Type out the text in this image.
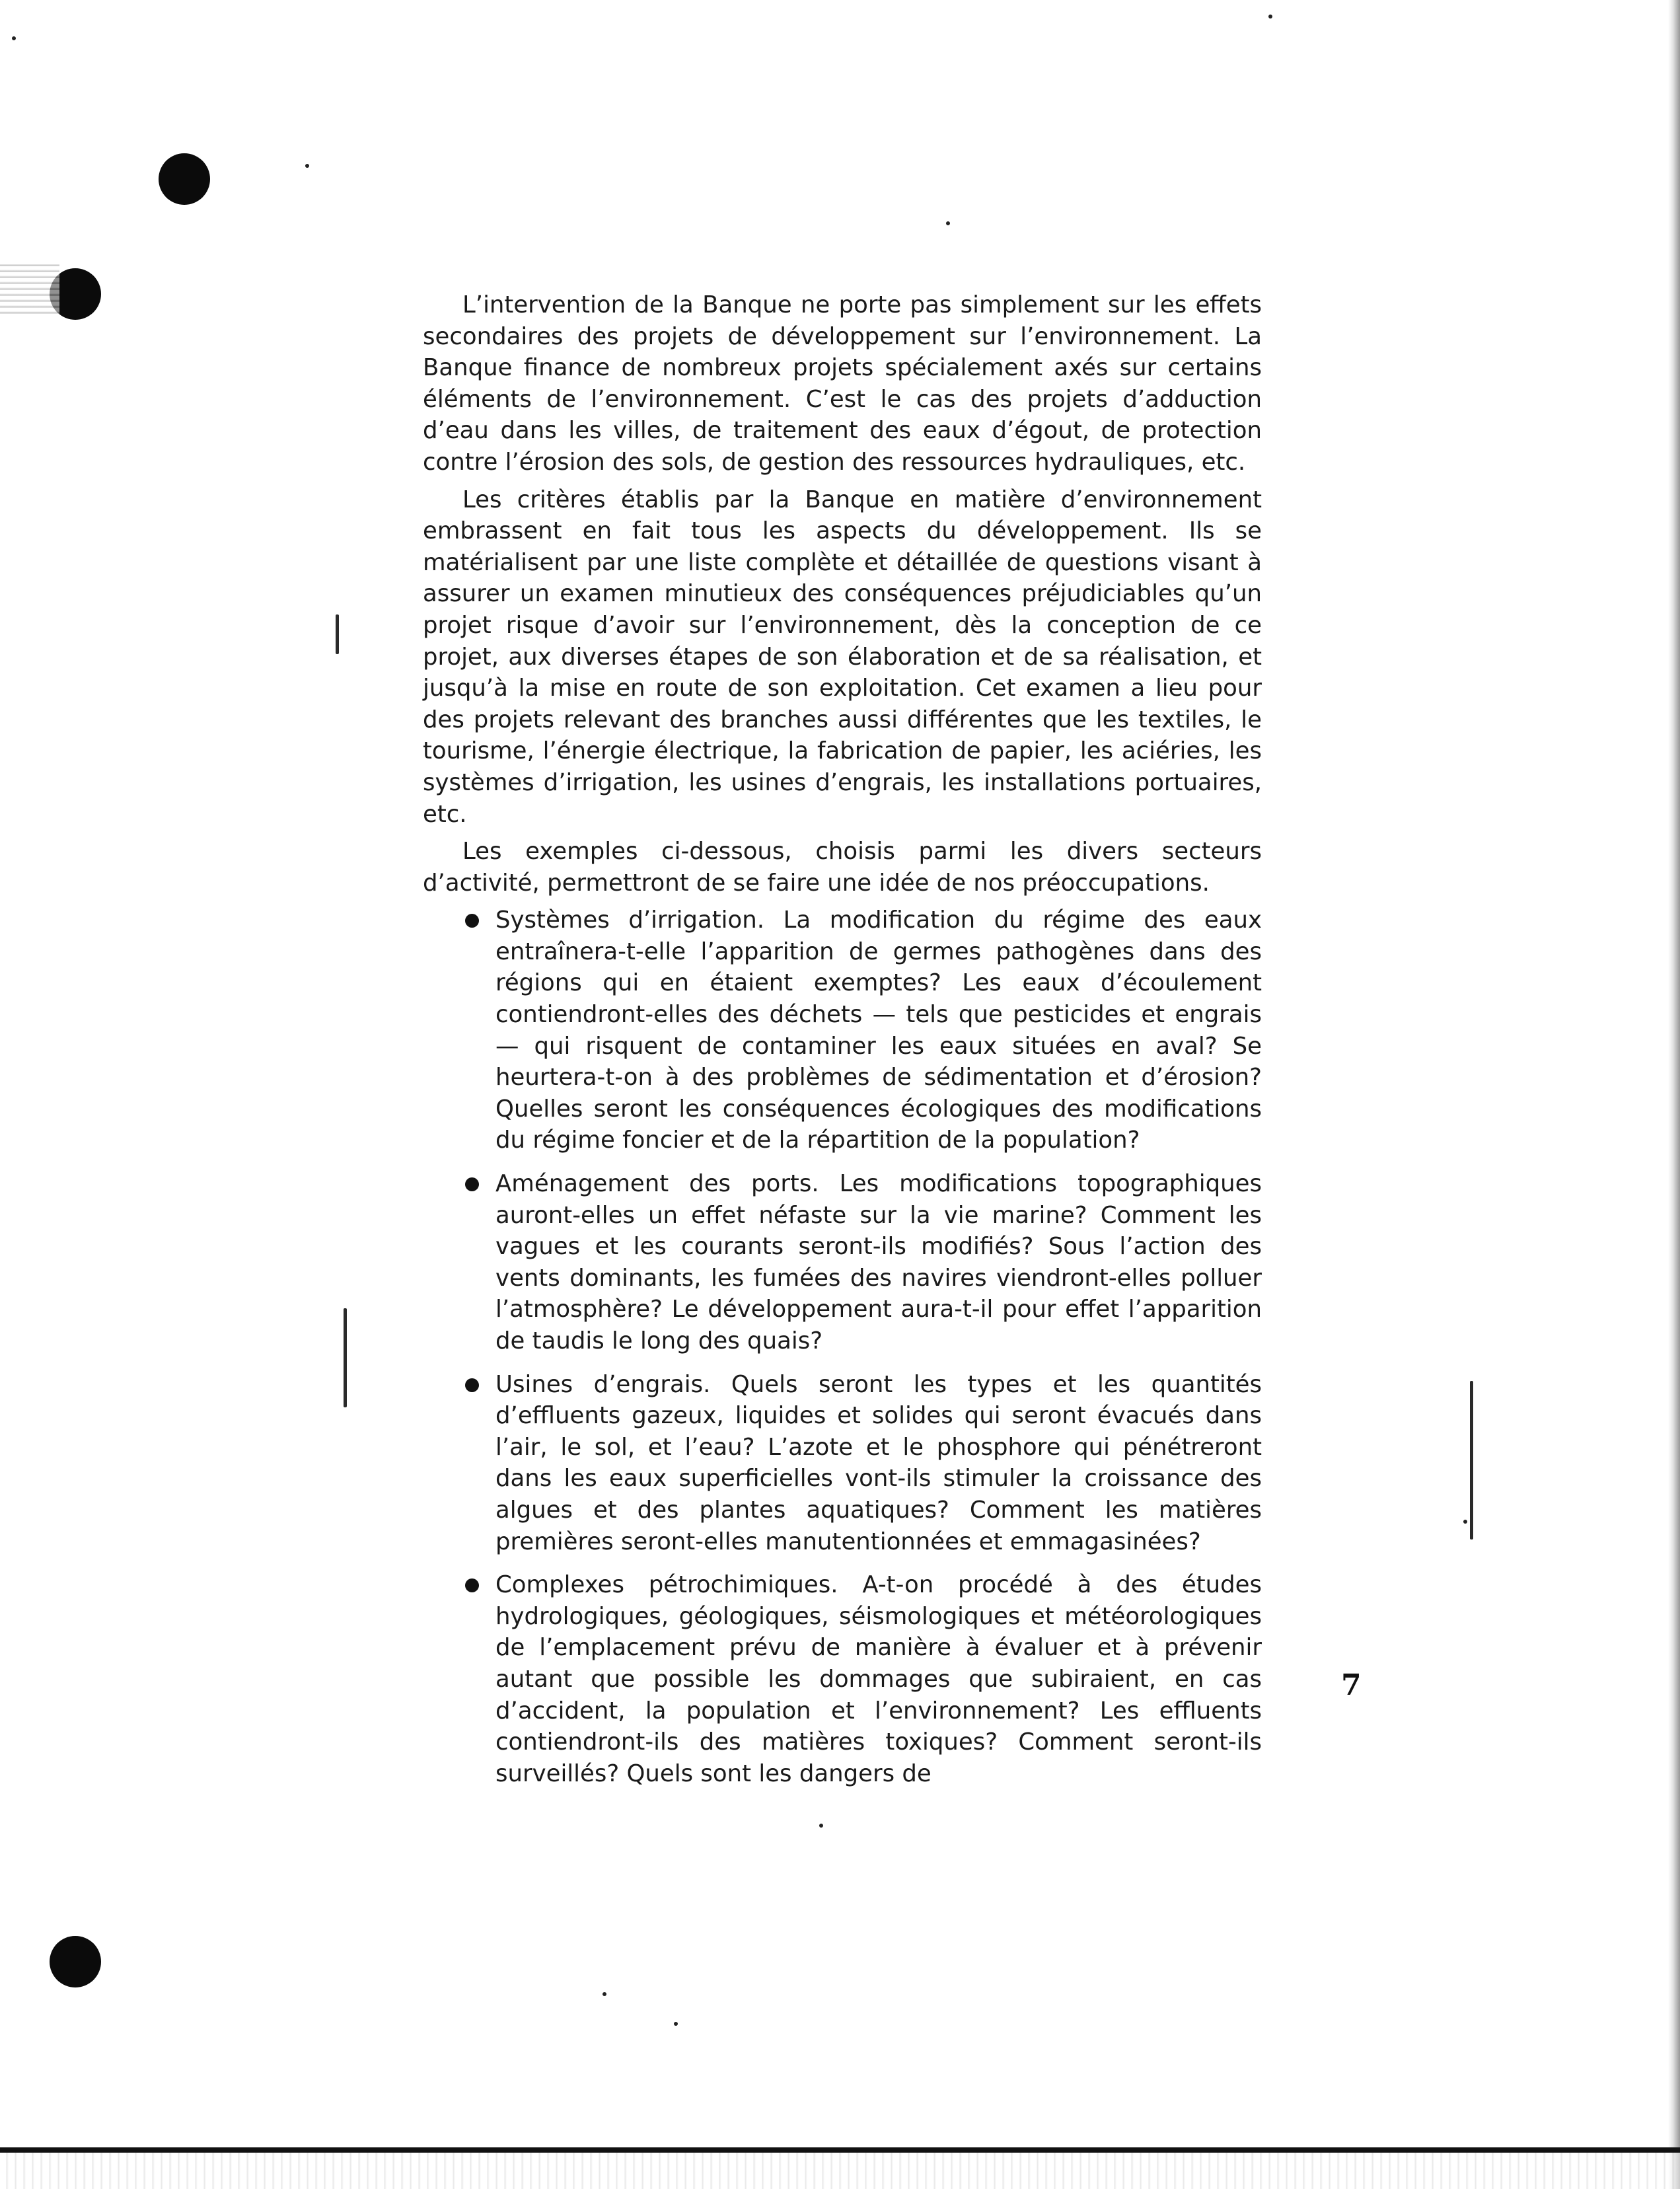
L’intervention de la Banque ne porte pas simplement sur les effets secondaires des projets de développement sur l’environnement. La Banque finance de nombreux projets spécialement axés sur certains éléments de l’environnement. C’est le cas des projets d’adduction d’eau dans les villes, de traitement des eaux d’égout, de protection contre l’érosion des sols, de gestion des ressources hydrauliques, etc.

Les critères établis par la Banque en matière d’environnement embrassent en fait tous les aspects du développement. Ils se matérialisent par une liste complète et détaillée de questions visant à assurer un examen minutieux des conséquences préjudiciables qu’un projet risque d’avoir sur l’environnement, dès la conception de ce projet, aux diverses étapes de son élaboration et de sa réalisation, et jusqu’à la mise en route de son exploitation. Cet examen a lieu pour des projets relevant des branches aussi différentes que les textiles, le tourisme, l’énergie électrique, la fabrication de papier, les aciéries, les systèmes d’irrigation, les usines d’engrais, les installations portuaires, etc.

Les exemples ci-dessous, choisis parmi les divers secteurs d’activité, permettront de se faire une idée de nos préoccupations.

Systèmes d’irrigation. La modification du régime des eaux entraînera-t-elle l’apparition de germes pathogènes dans des régions qui en étaient exemptes? Les eaux d’écoulement contiendront-elles des déchets — tels que pesticides et engrais — qui risquent de contaminer les eaux situées en aval? Se heurtera-t-on à des problèmes de sédimentation et d’érosion? Quelles seront les conséquences écologiques des modifications du régime foncier et de la répartition de la population?
Aménagement des ports. Les modifications topographiques auront-elles un effet néfaste sur la vie marine? Comment les vagues et les courants seront-ils modifiés? Sous l’action des vents dominants, les fumées des navires viendront-elles polluer l’atmosphère? Le développement aura-t-il pour effet l’apparition de taudis le long des quais?
Usines d’engrais. Quels seront les types et les quantités d’effluents gazeux, liquides et solides qui seront évacués dans l’air, le sol, et l’eau? L’azote et le phosphore qui pénétreront dans les eaux superficielles vont-ils stimuler la croissance des algues et des plantes aquatiques? Comment les matières premières seront-elles manutentionnées et emmagasinées?
Complexes pétrochimiques. A-t-on procédé à des études hydrologiques, géologiques, séismologiques et météorologiques de l’emplacement prévu de manière à évaluer et à prévenir autant que possible les dommages que subiraient, en cas d’accident, la population et l’environnement? Les effluents contiendront-ils des matières toxiques? Comment seront-ils surveillés? Quels sont les dangers de
7
